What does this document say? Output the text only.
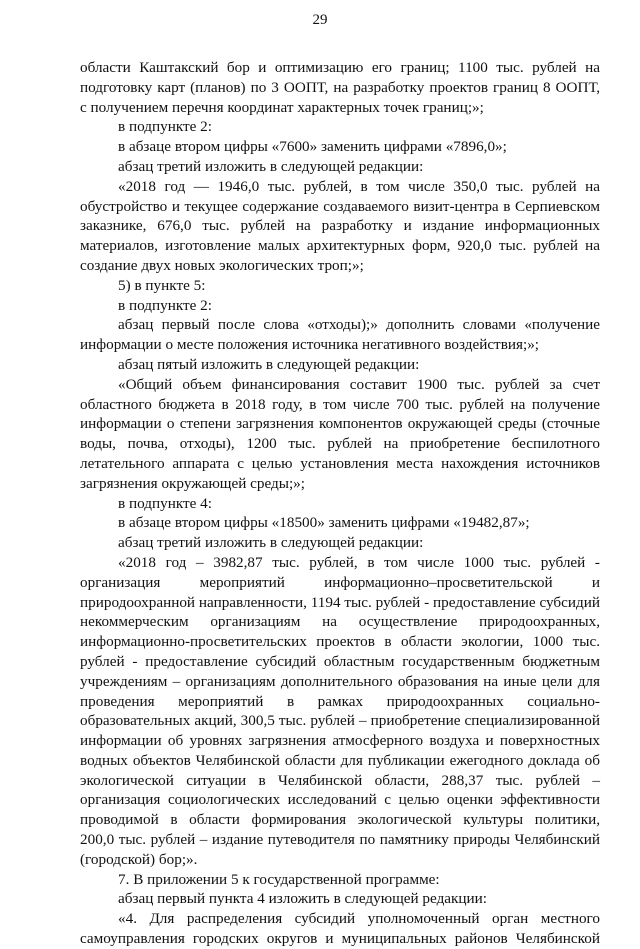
29

области Каштакский бор и оптимизацию его границ; 1100 тыс. рублей на

подготовку карт (планов) по 3 ООПТ, на разработку проектов границ 8 ООПТ,

с получением перечня координат характерных точек границ;»;

в подпункте 2:

в абзаце втором цифры «7600» заменить цифрами «7896,0»;

абзац третий изложить в следующей редакции:

«2018 год — 1946,0 тыс. рублей, в том числе 350,0 тыс. рублей на

обустройство и текущее содержание создаваемого визит-центра в Серпиевском

заказнике, 676,0 тыс. рублей на разработку и издание информационных

материалов, изготовление малых архитектурных форм, 920,0 тыс. рублей на

создание двух новых экологических троп;»;

5) в пункте 5:

в подпункте 2:

абзац первый после слова «отходы);» дополнить словами «получение

информации о месте положения источника негативного воздействия;»;

абзац пятый изложить в следующей редакции:

«Общий объем финансирования составит 1900 тыс. рублей за счет

областного бюджета в 2018 году, в том числе 700 тыс. рублей на получение

информации о степени загрязнения компонентов окружающей среды (сточные

воды, почва, отходы), 1200 тыс. рублей на приобретение беспилотного

летательного аппарата с целью установления места нахождения источников

загрязнения окружающей среды;»;

в подпункте 4:

в абзаце втором цифры «18500» заменить цифрами «19482,87»;

абзац третий изложить в следующей редакции:

«2018 год – 3982,87 тыс. рублей, в том числе 1000 тыс. рублей -

организация мероприятий информационно–просветительской и

природоохранной направленности, 1194 тыс. рублей - предоставление субсидий

некоммерческим организациям на осуществление природоохранных,

информационно-просветительских проектов в области экологии, 1000 тыс.

рублей - предоставление субсидий областным государственным бюджетным

учреждениям – организациям дополнительного образования на иные цели для

проведения мероприятий в рамках природоохранных социально-

образовательных акций, 300,5 тыс. рублей – приобретение специализированной

информации об уровнях загрязнения атмосферного воздуха и поверхностных

водных объектов Челябинской области для публикации ежегодного доклада об

экологической ситуации в Челябинской области, 288,37 тыс. рублей –

организация социологических исследований с целью оценки эффективности

проводимой в области формирования экологической культуры политики,

200,0 тыс. рублей – издание путеводителя по памятнику природы Челябинский

(городской) бор;».

7. В приложении 5 к государственной программе:

абзац первый пункта 4 изложить в следующей редакции:

«4. Для распределения субсидий уполномоченный орган местного

самоуправления городских округов и муниципальных районов Челябинской
